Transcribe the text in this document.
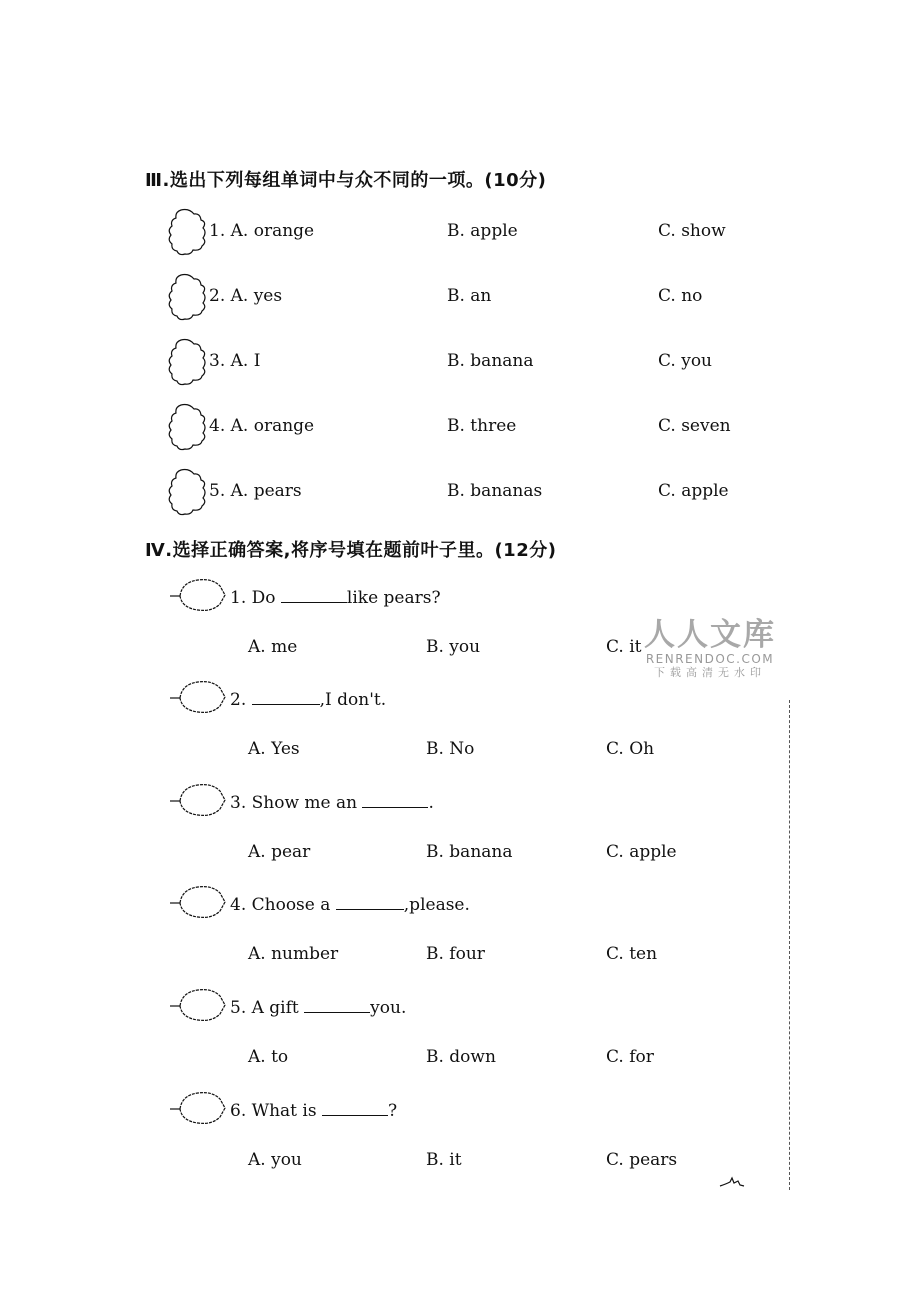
Ⅲ.选出下列每组单词中与众不同的一项。(10分)
1. A. orange	B. apple	C. show
2. A. yes	B. an	C. no
3. A. I	B. banana	C. you
4. A. orange	B. three	C. seven
5. A. pears	B. bananas	C. apple
Ⅳ.选择正确答案,将序号填在题前叶子里。(12分)
1. Do	like pears?
A. me	B. you	C. it
2.	,I don't.
A. Yes	B. No	C. Oh
3. Show me an	.
A. pear	B. banana	C. apple
4. Choose a	,please.
A. number	B. four	C. ten
5. A gift	you.
A. to	B. down	C. for
6. What is	?
A. you	B. it	C. pears
人人文库
RENRENDOC.COM
下载高清无水印
